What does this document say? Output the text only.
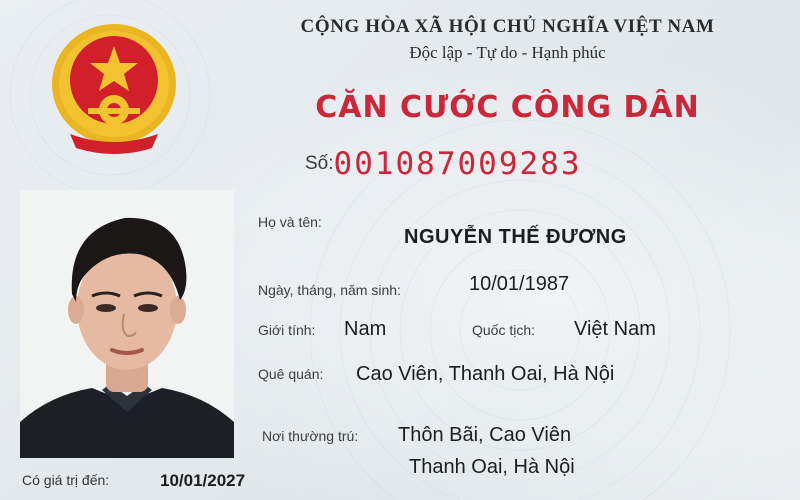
CỘNG HÒA XÃ HỘI CHỦ NGHĨA VIỆT NAM
Độc lập - Tự do - Hạnh phúc
CĂN CƯỚC CÔNG DÂN
Số:001087009283
Họ và tên:
NGUYỄN THẾ ĐƯƠNG
Ngày, tháng, năm sinh:	10/01/1987
Giới tính: Nam	Quốc tịch: Việt Nam
Quê quán: Cao Viên, Thanh Oai, Hà Nội
Nơi thường trú: Thôn Bãi, Cao Viên
Thanh Oai, Hà Nội
Có giá trị đến:	10/01/2027
